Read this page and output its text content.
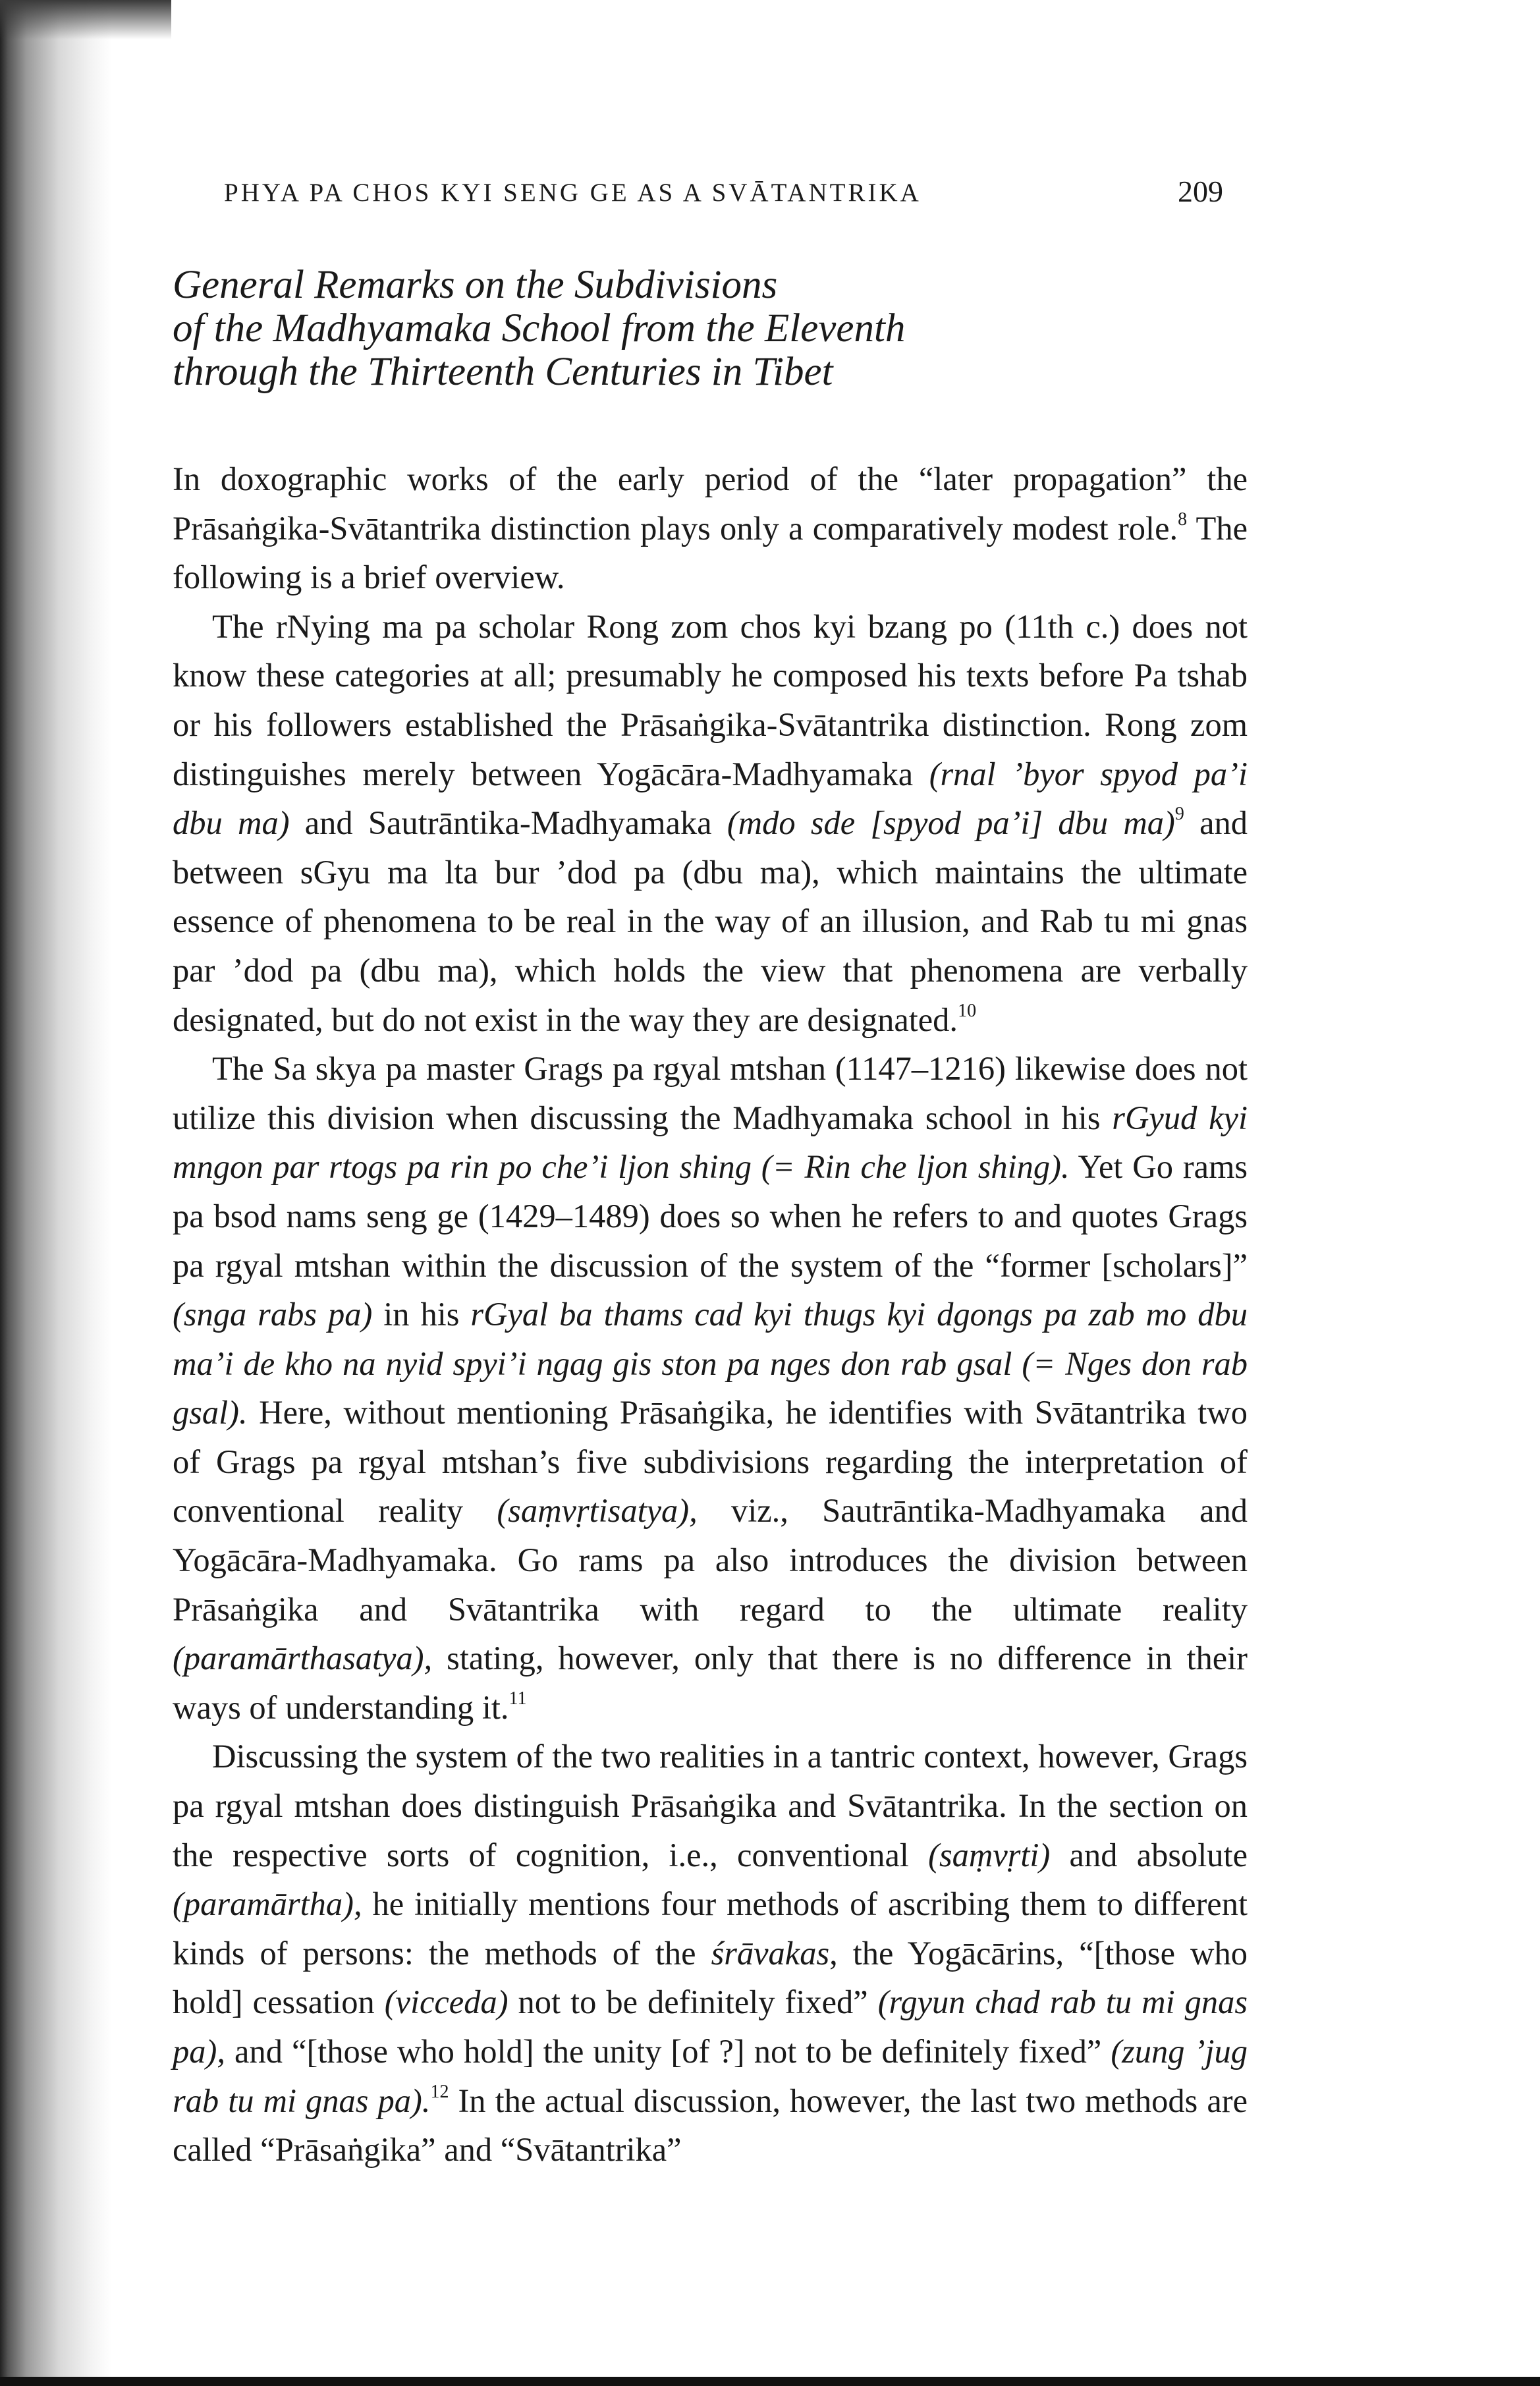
PHYA PA CHOS KYI SENG GE AS A SVĀTANTRIKA	209
General Remarks on the Subdivisions
of the Madhyamaka School from the Eleventh
through the Thirteenth Centuries in Tibet

In doxographic works of the early period of the “later propagation” the Prāsaṅgika-Svātantrika distinction plays only a comparatively modest role.$^8$ The following is a brief overview.

The rNying ma pa scholar Rong zom chos kyi bzang po (11th c.) does not know these categories at all; presumably he composed his texts before Pa tshab or his followers established the Prāsaṅgika-Svātantrika distinction. Rong zom distinguishes merely between Yogācāra-Madhyamaka (rnal ’byor spyod pa’i dbu ma) and Sautrāntika-Madhyamaka (mdo sde [spyod pa’i] dbu ma)$^9$ and between sGyu ma lta bur ’dod pa (dbu ma), which maintains the ultimate essence of phenomena to be real in the way of an illusion, and Rab tu mi gnas par ’dod pa (dbu ma), which holds the view that phenomena are verbally designated, but do not exist in the way they are designated.$^{10}$

The Sa skya pa master Grags pa rgyal mtshan (1147–1216) likewise does not utilize this division when discussing the Madhyamaka school in his rGyud kyi mngon par rtogs pa rin po che’i ljon shing (= Rin che ljon shing). Yet Go rams pa bsod nams seng ge (1429–1489) does so when he refers to and quotes Grags pa rgyal mtshan within the discussion of the system of the “former [scholars]” (snga rabs pa) in his rGyal ba thams cad kyi thugs kyi dgongs pa zab mo dbu ma’i de kho na nyid spyi’i ngag gis ston pa nges don rab gsal (= Nges don rab gsal). Here, without mentioning Prāsaṅgika, he identifies with Svātantrika two of Grags pa rgyal mtshan’s five subdivisions regarding the interpretation of conventional reality (saṃvṛtisatya), viz., Sautrāntika-Madhyamaka and Yogācāra-Madhyamaka. Go rams pa also introduces the division between Prāsaṅgika and Svātantrika with regard to the ultimate reality (paramārthasatya), stating, however, only that there is no difference in their ways of understanding it.$^{11}$

Discussing the system of the two realities in a tantric context, however, Grags pa rgyal mtshan does distinguish Prāsaṅgika and Svātantrika. In the section on the respective sorts of cognition, i.e., conventional (saṃvṛti) and absolute (paramārtha), he initially mentions four methods of ascribing them to different kinds of persons: the methods of the śrāvakas, the Yogācārins, “[those who hold] cessation (vicceda) not to be definitely fixed” (rgyun chad rab tu mi gnas pa), and “[those who hold] the unity [of ?] not to be definitely fixed” (zung ’jug rab tu mi gnas pa).$^{12}$ In the actual discussion, however, the last two methods are called “Prāsaṅgika” and “Svātantrika”
